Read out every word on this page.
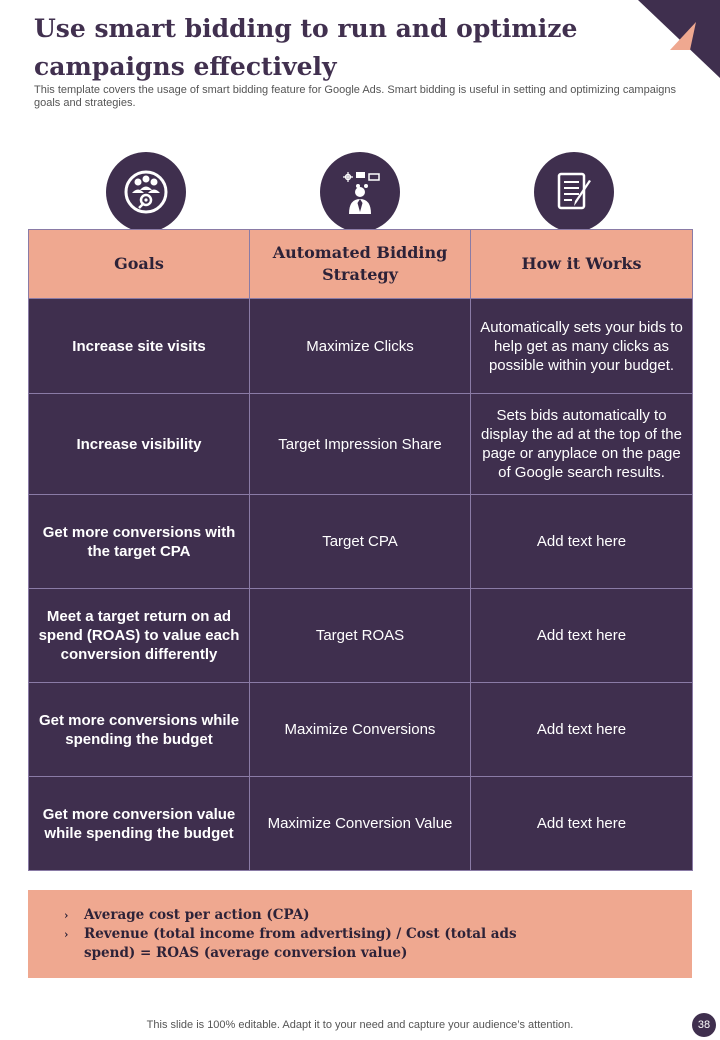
Use smart bidding to run and optimize campaigns effectively

This template covers the usage of smart bidding feature for Google Ads. Smart bidding is useful in setting and optimizing campaigns goals and strategies.

Goals	Automated Bidding Strategy	How it Works
Increase site visits	Maximize Clicks	Automatically sets your bids to help get as many clicks as possible within your budget.
Increase visibility	Target Impression Share	Sets bids automatically to display the ad at the top of the page or anyplace on the page of Google search results.
Get more conversions with the target CPA	Target CPA	Add text here
Meet a target return on ad spend (ROAS) to value each conversion differently	Target ROAS	Add text here
Get more conversions while spending the budget	Maximize Conversions	Add text here
Get more conversion value while spending the budget	Maximize Conversion Value	Add text here
›	Average cost per action (CPA)
›	Revenue (total income from advertising) / Cost (total ads spend) = ROAS (average conversion value)
This slide is 100% editable. Adapt it to your need and capture your audience’s attention.	38
